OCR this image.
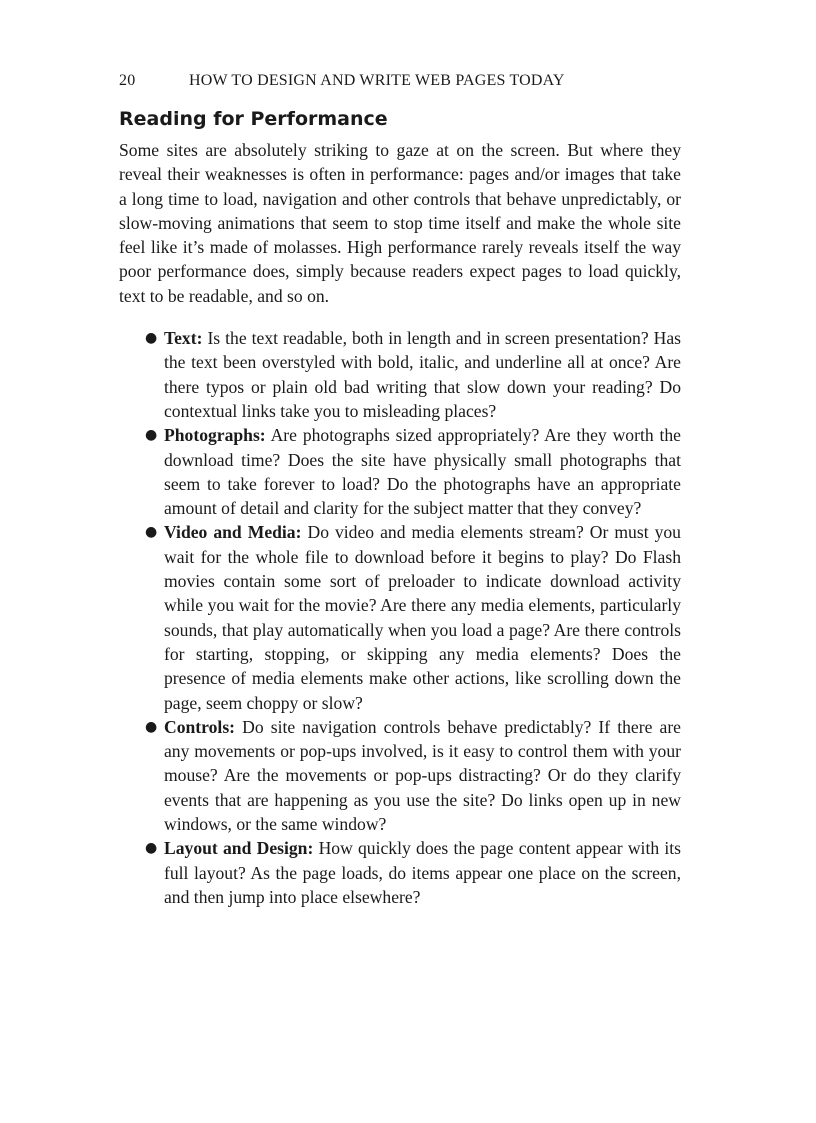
20	HOW TO DESIGN AND WRITE WEB PAGES TODAY
Reading for Performance

Some sites are absolutely striking to gaze at on the screen. But where they reveal their weaknesses is often in performance: pages and/or images that take a long time to load, navigation and other controls that behave unpredictably, or slow-moving animations that seem to stop time itself and make the whole site feel like it’s made of molasses. High performance rarely reveals itself the way poor performance does, simply because readers expect pages to load quickly, text to be readable, and so on.

● Text: Is the text readable, both in length and in screen presentation? Has the text been overstyled with bold, italic, and underline all at once? Are there typos or plain old bad writing that slow down your reading? Do contextual links take you to misleading places?
● Photographs: Are photographs sized appropriately? Are they worth the download time? Does the site have physically small photographs that seem to take forever to load? Do the photographs have an appropriate amount of detail and clarity for the subject matter that they convey?
● Video and Media: Do video and media elements stream? Or must you wait for the whole file to download before it begins to play? Do Flash movies contain some sort of preloader to indicate download activity while you wait for the movie? Are there any media elements, particularly sounds, that play automatically when you load a page? Are there controls for starting, stopping, or skipping any media elements? Does the presence of media elements make other actions, like scrolling down the page, seem choppy or slow?
● Controls: Do site navigation controls behave predictably? If there are any movements or pop-ups involved, is it easy to control them with your mouse? Are the movements or pop-ups distracting? Or do they clarify events that are happening as you use the site? Do links open up in new windows, or the same window?
● Layout and Design: How quickly does the page content appear with its full layout? As the page loads, do items appear one place on the screen, and then jump into place elsewhere?
